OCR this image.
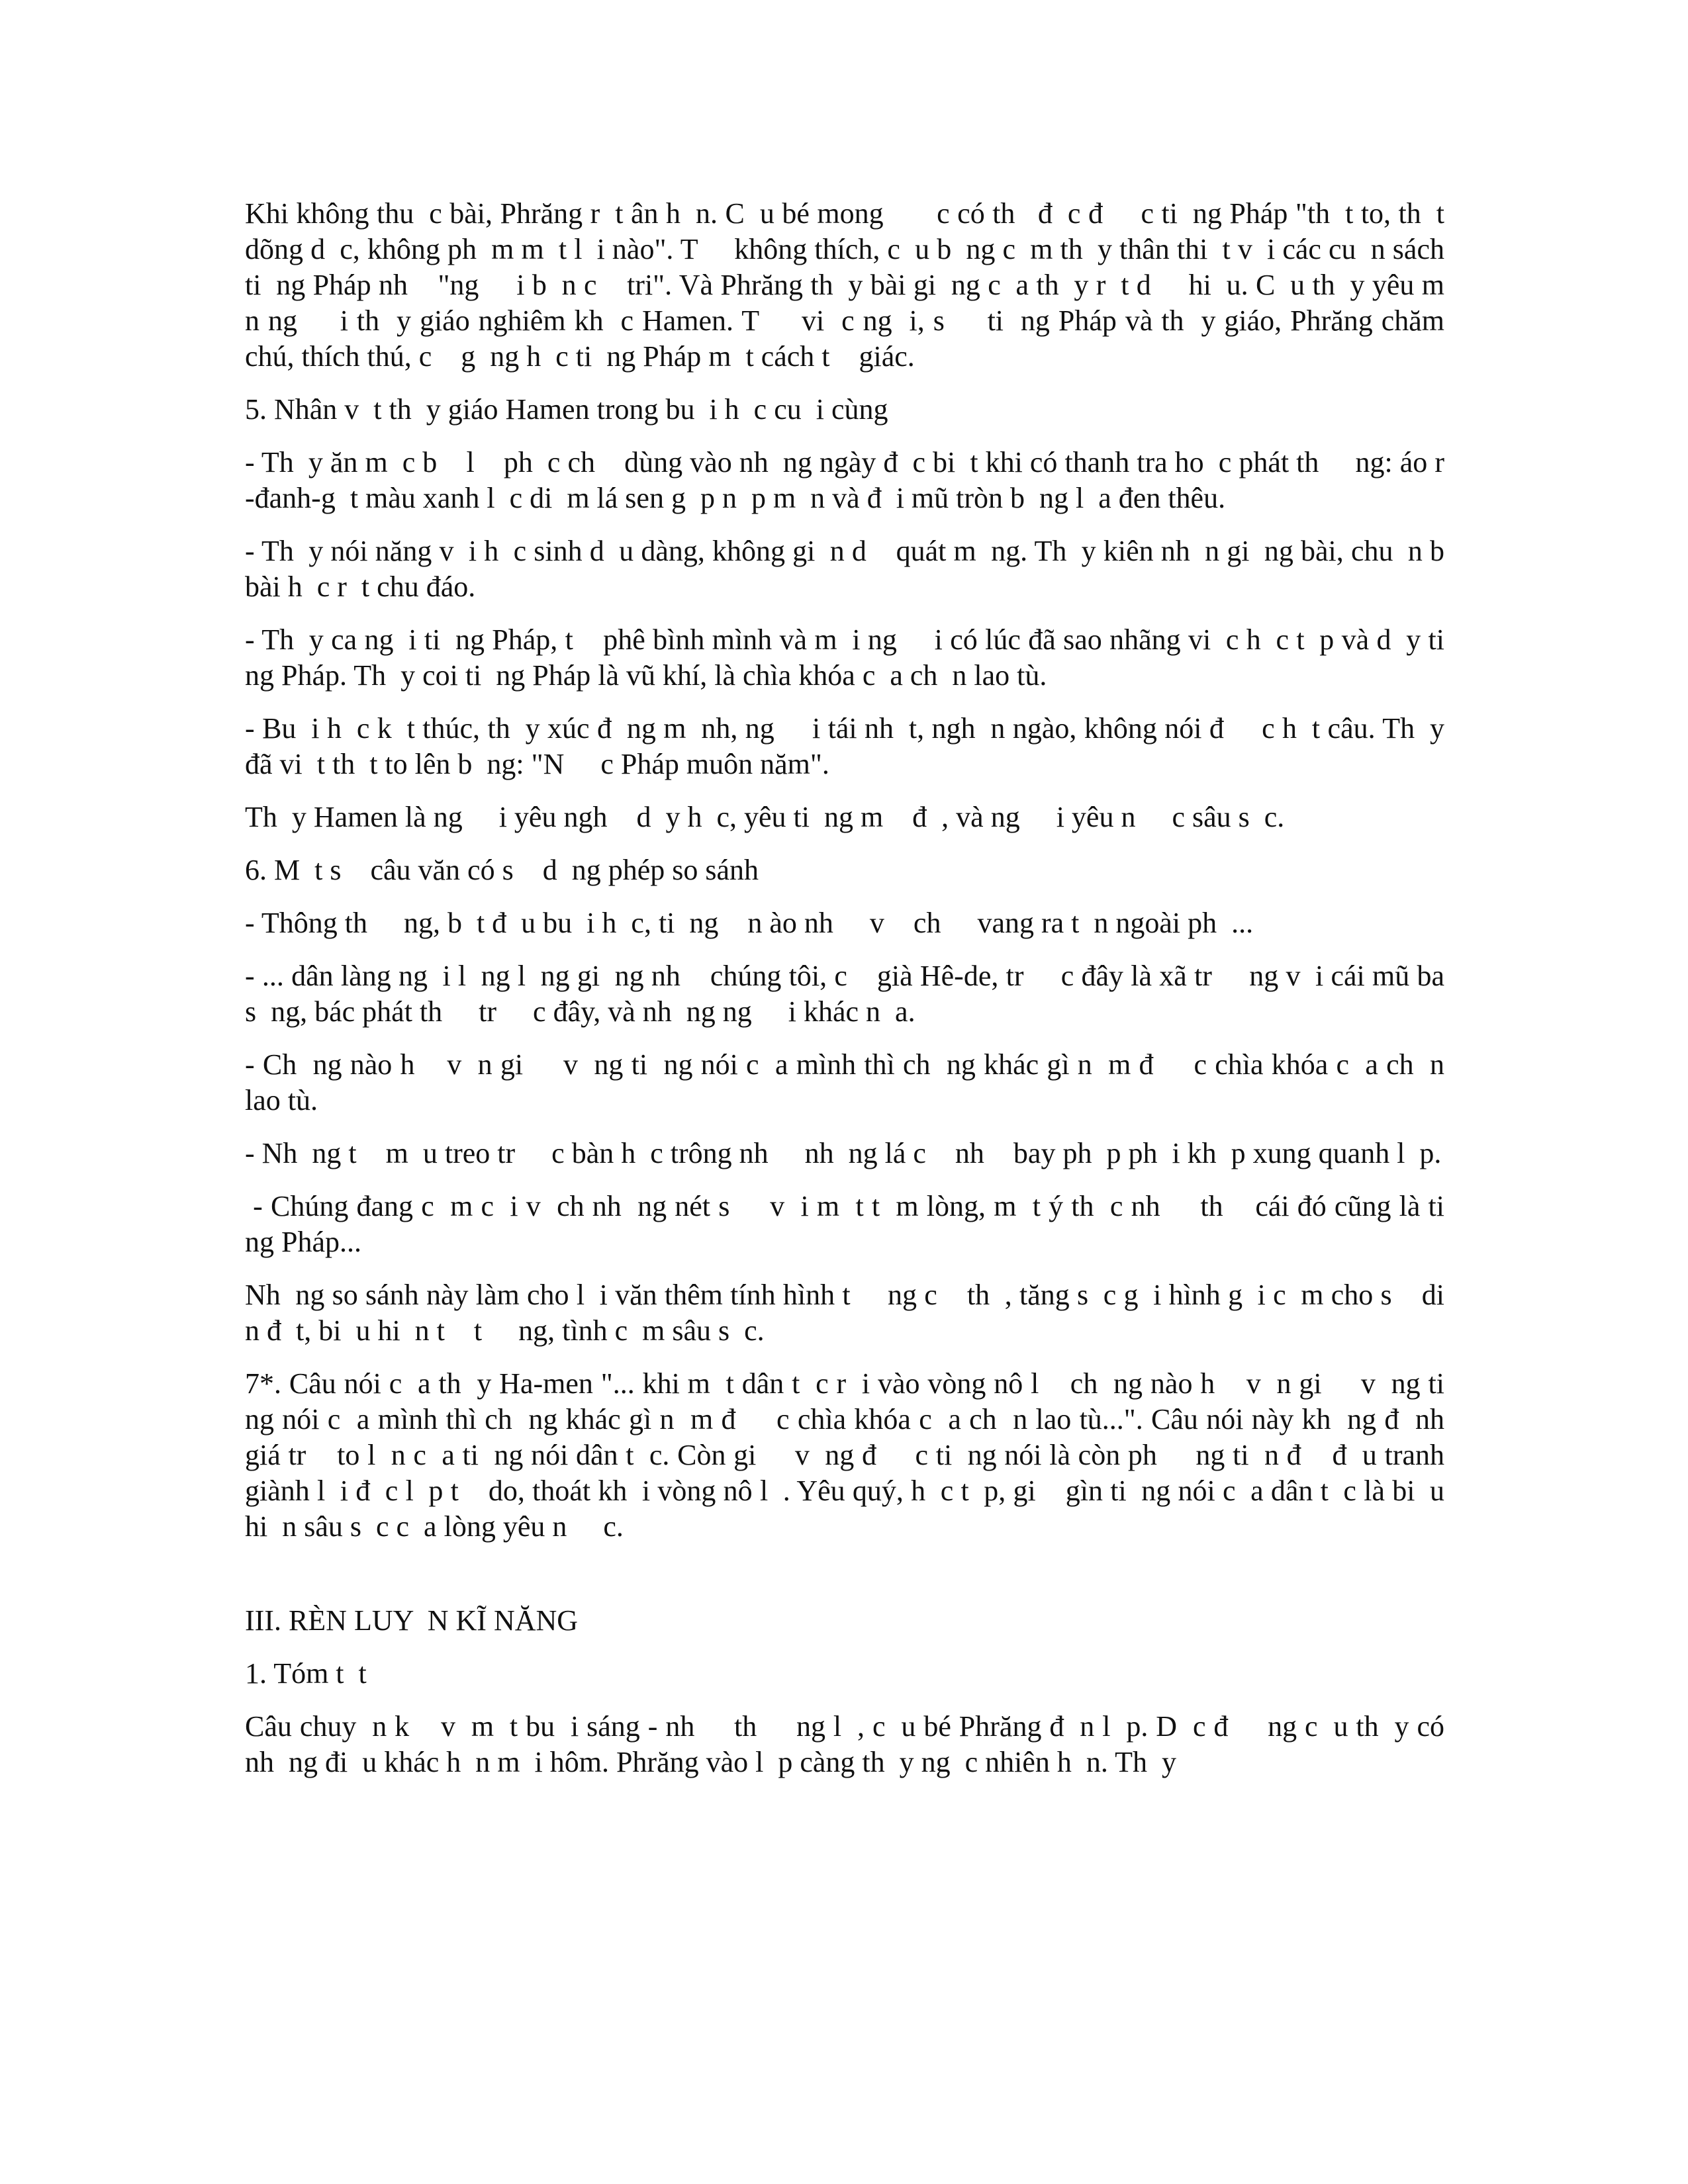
Khi không thu  c bài, Phrăng r  t ân h  n. C  u bé mong       c có th   đ  c đ     c ti  ng Pháp "th  t to, th  t dõng d  c, không ph  m m  t l  i nào". T     không thích, c  u b  ng c  m th  y thân thi  t v  i các cu  n sách ti  ng Pháp nh    "ng     i b  n c    tri". Và Phrăng th  y bài gi  ng c  a th  y r  t d     hi  u. C  u th  y yêu m  n ng     i th  y giáo nghiêm kh  c Hamen. T     vi  c ng  i, s     ti  ng Pháp và th  y giáo, Phrăng chăm chú, thích thú, c    g  ng h  c ti  ng Pháp m  t cách t    giác.

5. Nhân v  t th  y giáo Hamen trong bu  i h  c cu  i cùng

- Th  y ăn m  c b    l    ph  c ch    dùng vào nh  ng ngày đ  c bi  t khi có thanh tra ho  c phát th     ng: áo r   -đanh-g  t màu xanh l  c di  m lá sen g  p n  p m  n và đ  i mũ tròn b  ng l  a đen thêu.

- Th  y nói năng v  i h  c sinh d  u dàng, không gi  n d    quát m  ng. Th  y kiên nh  n gi  ng bài, chu  n b    bài h  c r  t chu đáo.

- Th  y ca ng  i ti  ng Pháp, t    phê bình mình và m  i ng     i có lúc đã sao nhãng vi  c h  c t  p và d  y ti  ng Pháp. Th  y coi ti  ng Pháp là vũ khí, là chìa khóa c  a ch  n lao tù.

- Bu  i h  c k  t thúc, th  y xúc đ  ng m  nh, ng     i tái nh  t, ngh  n ngào, không nói đ     c h  t câu. Th  y đã vi  t th  t to lên b  ng: "N     c Pháp muôn năm".

Th  y Hamen là ng     i yêu ngh    d  y h  c, yêu ti  ng m    đ  , và ng     i yêu n     c sâu s  c.

6. M  t s    câu văn có s    d  ng phép so sánh

- Thông th     ng, b  t đ  u bu  i h  c, ti  ng    n ào nh     v    ch     vang ra t  n ngoài ph  ...

- ... dân làng ng  i l  ng l  ng gi  ng nh    chúng tôi, c    già Hê-de, tr     c đây là xã tr     ng v  i cái mũ ba s  ng, bác phát th     tr     c đây, và nh  ng ng     i khác n  a.

- Ch  ng nào h    v  n gi     v  ng ti  ng nói c  a mình thì ch  ng khác gì n  m đ     c chìa khóa c  a ch  n lao tù.

- Nh  ng t    m  u treo tr     c bàn h  c trông nh     nh  ng lá c    nh    bay ph  p ph  i kh  p xung quanh l  p.

- Chúng đang c  m c  i v  ch nh  ng nét s     v  i m  t t  m lòng, m  t ý th  c nh     th    cái đó cũng là ti  ng Pháp...

Nh  ng so sánh này làm cho l  i văn thêm tính hình t     ng c    th  , tăng s  c g  i hình g  i c  m cho s    di  n đ  t, bi  u hi  n t    t     ng, tình c  m sâu s  c.

7*. Câu nói c  a th  y Ha-men "... khi m  t dân t  c r  i vào vòng nô l    ch  ng nào h    v  n gi     v  ng ti  ng nói c  a mình thì ch  ng khác gì n  m đ     c chìa khóa c  a ch  n lao tù...". Câu nói này kh  ng đ  nh giá tr    to l  n c  a ti  ng nói dân t  c. Còn gi     v  ng đ     c ti  ng nói là còn ph     ng ti  n đ    đ  u tranh giành l  i đ  c l  p t    do, thoát kh  i vòng nô l  . Yêu quý, h  c t  p, gi    gìn ti  ng nói c  a dân t  c là bi  u hi  n sâu s  c c  a lòng yêu n     c.

III. RÈN LUY  N KĨ NĂNG

1. Tóm t  t

Câu chuy  n k    v  m  t bu  i sáng - nh     th     ng l  , c  u bé Phrăng đ  n l  p. D  c đ     ng c  u th  y có nh  ng đi  u khác h  n m  i hôm. Phrăng vào l  p càng th  y ng  c nhiên h  n. Th  y
